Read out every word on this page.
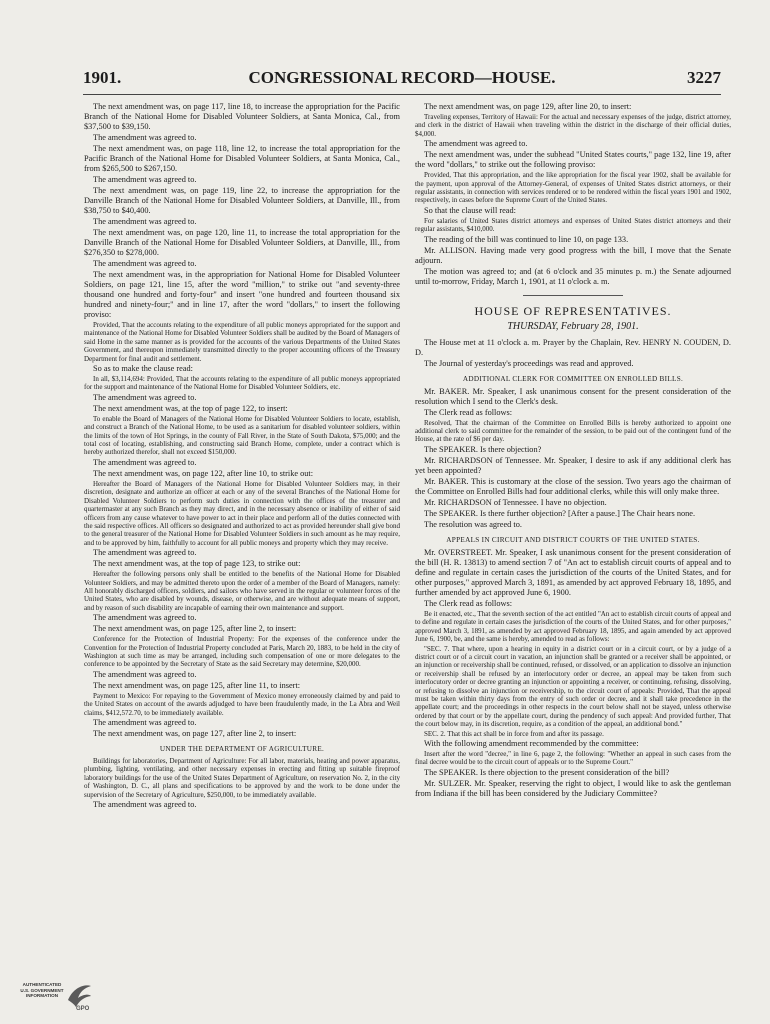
1901.	CONGRESSIONAL RECORD—HOUSE.	3227

The next amendment was, on page 117, line 18, to increase the appropriation for the Pacific Branch of the National Home for Disabled Volunteer Soldiers, at Santa Monica, Cal., from $37,500 to $39,150.

The amendment was agreed to.

The next amendment was, on page 118, line 12, to increase the total appropriation for the Pacific Branch of the National Home for Disabled Volunteer Soldiers, at Santa Monica, Cal., from $265,500 to $267,150.

The amendment was agreed to.

The next amendment was, on page 119, line 22, to increase the appropriation for the Danville Branch of the National Home for Disabled Volunteer Soldiers, at Danville, Ill., from $38,750 to $40,400.

The amendment was agreed to.

The next amendment was, on page 120, line 11, to increase the total appropriation for the Danville Branch of the National Home for Disabled Volunteer Soldiers, at Danville, Ill., from $276,350 to $278,000.

The amendment was agreed to.

The next amendment was, in the appropriation for National Home for Disabled Volunteer Soldiers, on page 121, line 15, after the word "million," to strike out "and seventy-three thousand one hundred and forty-four" and insert "one hundred and fourteen thousand six hundred and ninety-four;" and in line 17, after the word "dollars," to insert the following proviso:

Provided, That the accounts relating to the expenditure of all public moneys appropriated for the support and maintenance of the National Home for Disabled Volunteer Soldiers shall be audited by the Board of Managers of said Home in the same manner as is provided for the accounts of the various Departments of the United States Government, and thereupon immediately transmitted directly to the proper accounting officers of the Treasury Department for final audit and settlement.

So as to make the clause read:

In all, $3,114,694: Provided, That the accounts relating to the expenditure of all public moneys appropriated for the support and maintenance of the National Home for Disabled Volunteer Soldiers, etc.

The amendment was agreed to.

The next amendment was, at the top of page 122, to insert:

To enable the Board of Managers of the National Home for Disabled Volunteer Soldiers to locate, establish, and construct a Branch of the National Home, to be used as a sanitarium for disabled volunteer soldiers, within the limits of the town of Hot Springs, in the county of Fall River, in the State of South Dakota, $75,000; and the total cost of locating, establishing, and constructing said Branch Home, complete, under a contract which is hereby authorized therefor, shall not exceed $150,000.

The amendment was agreed to.

The next amendment was, on page 122, after line 10, to strike out:

Hereafter the Board of Managers of the National Home for Disabled Volunteer Soldiers may, in their discretion, designate and authorize an officer at each or any of the several Branches of the National Home for Disabled Volunteer Soldiers to perform such duties in connection with the offices of the treasurer and quartermaster at any such Branch as they may direct, and in the necessary absence or inability of either of said officers from any cause whatever to have power to act in their place and perform all of the duties connected with the said respective offices. All officers so designated and authorized to act as provided hereunder shall give bond to the general treasurer of the National Home for Disabled Volunteer Soldiers in such amount as he may require, and to be approved by him, faithfully to account for all public moneys and property which they may receive.

The amendment was agreed to.

The next amendment was, at the top of page 123, to strike out:

Hereafter the following persons only shall be entitled to the benefits of the National Home for Disabled Volunteer Soldiers, and may be admitted thereto upon the order of a member of the Board of Managers, namely: All honorably discharged officers, soldiers, and sailors who have served in the regular or volunteer forces of the United States, who are disabled by wounds, disease, or otherwise, and are without adequate means of support, and by reason of such disability are incapable of earning their own maintenance and support.

The amendment was agreed to.

The next amendment was, on page 125, after line 2, to insert:

Conference for the Protection of Industrial Property: For the expenses of the conference under the Convention for the Protection of Industrial Property concluded at Paris, March 20, 1883, to be held in the city of Washington at such time as may be arranged, including such compensation of one or more delegates to the conference to be appointed by the Secretary of State as the said Secretary may determine, $20,000.

The amendment was agreed to.

The next amendment was, on page 125, after line 11, to insert:

Payment to Mexico: For repaying to the Government of Mexico money erroneously claimed by and paid to the United States on account of the awards adjudged to have been fraudulently made, in the La Abra and Weil claims, $412,572.70, to be immediately available.

The amendment was agreed to.

The next amendment was, on page 127, after line 2, to insert:

UNDER THE DEPARTMENT OF AGRICULTURE.

Buildings for laboratories, Department of Agriculture: For all labor, materials, heating and power apparatus, plumbing, lighting, ventilating, and other necessary expenses in erecting and fitting up suitable fireproof laboratory buildings for the use of the United States Department of Agriculture, on reservation No. 2, in the city of Washington, D. C., all plans and specifications to be approved by and the work to be done under the supervision of the Secretary of Agriculture, $250,000, to be immediately available.

The amendment was agreed to.

The next amendment was, on page 129, after line 20, to insert:

Traveling expenses, Territory of Hawaii: For the actual and necessary expenses of the judge, district attorney, and clerk in the district of Hawaii when traveling within the district in the discharge of their official duties, $4,000.

The amendment was agreed to.

The next amendment was, under the subhead "United States courts," page 132, line 19, after the word "dollars," to strike out the following proviso:

Provided, That this appropriation, and the like appropriation for the fiscal year 1902, shall be available for the payment, upon approval of the Attorney-General, of expenses of United States district attorneys, or their regular assistants, in connection with services rendered or to be rendered within the fiscal years 1901 and 1902, respectively, in cases before the Supreme Court of the United States.

So that the clause will read:

For salaries of United States district attorneys and expenses of United States district attorneys and their regular assistants, $410,000.

The reading of the bill was continued to line 10, on page 133.

Mr. ALLISON. Having made very good progress with the bill, I move that the Senate adjourn.

The motion was agreed to; and (at 6 o'clock and 35 minutes p. m.) the Senate adjourned until to-morrow, Friday, March 1, 1901, at 11 o'clock a. m.

HOUSE OF REPRESENTATIVES.

THURSDAY, February 28, 1901.

The House met at 11 o'clock a. m. Prayer by the Chaplain, Rev. HENRY N. COUDEN, D. D.

The Journal of yesterday's proceedings was read and approved.

ADDITIONAL CLERK FOR COMMITTEE ON ENROLLED BILLS.

Mr. BAKER. Mr. Speaker, I ask unanimous consent for the present consideration of the resolution which I send to the Clerk's desk.

The Clerk read as follows:

Resolved, That the chairman of the Committee on Enrolled Bills is hereby authorized to appoint one additional clerk to said committee for the remainder of the session, to be paid out of the contingent fund of the House, at the rate of $6 per day.

The SPEAKER. Is there objection?

Mr. RICHARDSON of Tennessee. Mr. Speaker, I desire to ask if any additional clerk has yet been appointed?

Mr. BAKER. This is customary at the close of the session. Two years ago the chairman of the Committee on Enrolled Bills had four additional clerks, while this will only make three.

Mr. RICHARDSON of Tennessee. I have no objection.

The SPEAKER. Is there further objection? [After a pause.] The Chair hears none.

The resolution was agreed to.

APPEALS IN CIRCUIT AND DISTRICT COURTS OF THE UNITED STATES.

Mr. OVERSTREET. Mr. Speaker, I ask unanimous consent for the present consideration of the bill (H. R. 13813) to amend section 7 of "An act to establish circuit courts of appeal and to define and regulate in certain cases the jurisdiction of the courts of the United States, and for other purposes," approved March 3, 1891, as amended by act approved February 18, 1895, and further amended by act approved June 6, 1900.

The Clerk read as follows:

Be it enacted, etc., That the seventh section of the act entitled "An act to establish circuit courts of appeal and to define and regulate in certain cases the jurisdiction of the courts of the United States, and for other purposes," approved March 3, 1891, as amended by act approved February 18, 1895, and again amended by act approved June 6, 1900, be, and the same is hereby, amended to read as follows:

"SEC. 7. That where, upon a hearing in equity in a district court or in a circuit court, or by a judge of a district court or of a circuit court in vacation, an injunction shall be granted or a receiver shall be appointed, or an injunction or receivership shall be continued, refused, or dissolved, or an application to dissolve an injunction or receivership shall be refused by an interlocutory order or decree, an appeal may be taken from such interlocutory order or decree granting an injunction or appointing a receiver, or continuing, refusing, dissolving, or refusing to dissolve an injunction or receivership, to the circuit court of appeals: Provided, That the appeal must be taken within thirty days from the entry of such order or decree, and it shall take precedence in the appellate court; and the proceedings in other respects in the court below shall not be stayed, unless otherwise ordered by that court or by the appellate court, during the pendency of such appeal: And provided further, That the court below may, in its discretion, require, as a condition of the appeal, an additional bond."

SEC. 2. That this act shall be in force from and after its passage.

With the following amendment recommended by the committee:

Insert after the word "decree," in line 6, page 2, the following: "Whether an appeal in such cases from the final decree would be to the circuit court of appeals or to the Supreme Court."

The SPEAKER. Is there objection to the present consideration of the bill?

Mr. SULZER. Mr. Speaker, reserving the right to object, I would like to ask the gentleman from Indiana if the bill has been considered by the Judiciary Committee?

AUTHENTICATED
U.S. GOVERNMENT
INFORMATION
GPO
